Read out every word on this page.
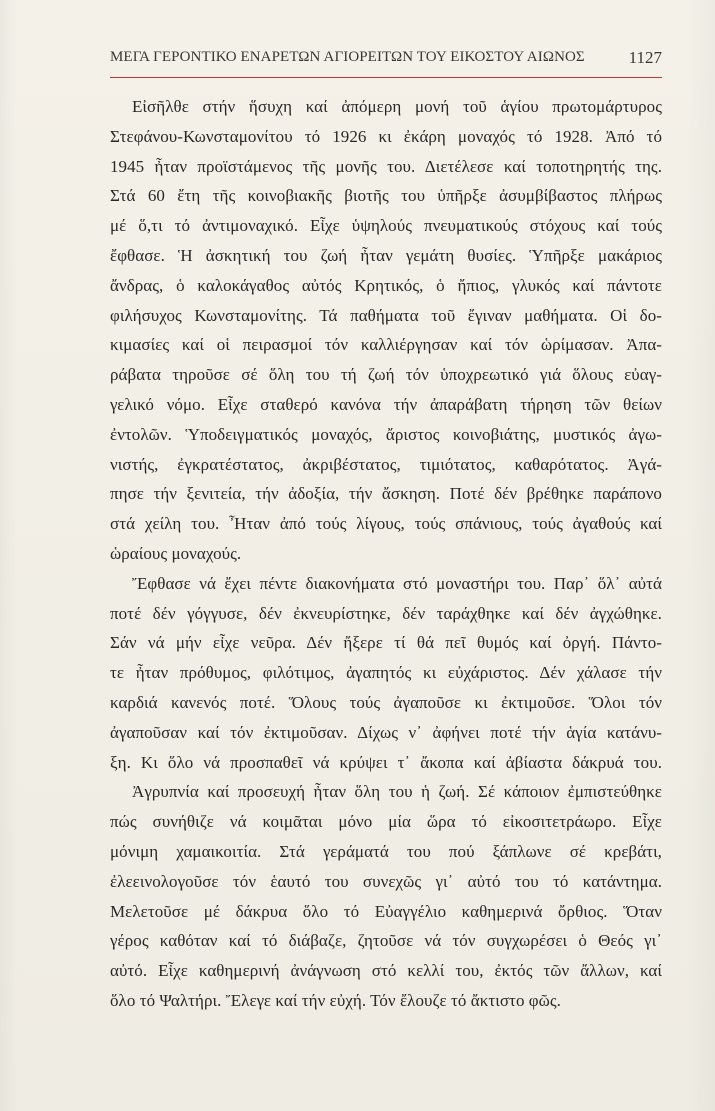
ΜΕΓΑ ΓΕΡΟΝΤΙΚΟ ΕΝΑΡΕΤΩΝ ΑΓΙΟΡΕΙΤΩΝ ΤΟΥ ΕΙΚΟΣΤΟΥ ΑΙΩΝΟΣ	1127
Εἰσῆλθε στήν ἥσυχη καί ἀπόμερη μονή τοῦ ἁγίου πρωτομάρτυρος
Στεφάνου-Κωνσταμονίτου τό 1926 κι ἐκάρη μοναχός τό 1928. Ἀπό τό
1945 ἦταν προϊστάμενος τῆς μονῆς του. Διετέλεσε καί τοποτηρητής της.
Στά 60 ἔτη τῆς κοινοβιακῆς βιοτῆς του ὑπῆρξε ἀσυμβίβαστος πλήρως
μέ ὅ,τι τό ἀντιμοναχικό. Εἶχε ὑψηλούς πνευματικούς στόχους καί τούς
ἔφθασε. Ἡ ἀσκητική του ζωή ἦταν γεμάτη θυσίες. Ὑπῆρξε μακάριος
ἄνδρας, ὁ καλοκάγαθος αὐτός Κρητικός, ὁ ἤπιος, γλυκός καί πάντοτε
φιλήσυχος Κωνσταμονίτης. Τά παθήματα τοῦ ἔγιναν μαθήματα. Οἱ δο-
κιμασίες καί οἱ πειρασμοί τόν καλλιέργησαν καί τόν ὡρίμασαν. Ἀπα-
ράβατα τηροῦσε σέ ὅλη του τή ζωή τόν ὑποχρεωτικό γιά ὅλους εὐαγ-
γελικό νόμο. Εἶχε σταθερό κανόνα τήν ἀπαράβατη τήρηση τῶν θείων
ἐντολῶν. Ὑποδειγματικός μοναχός, ἄριστος κοινοβιάτης, μυστικός ἀγω-
νιστής, ἐγκρατέστατος, ἀκριβέστατος, τιμιότατος, καθαρότατος. Ἀγά-
πησε τήν ξενιτεία, τήν ἀδοξία, τήν ἄσκηση. Ποτέ δέν βρέθηκε παράπονο
στά χείλη του. Ἦταν ἀπό τούς λίγους, τούς σπάνιους, τούς ἀγαθούς καί
ὡραίους μοναχούς.
Ἔφθασε νά ἔχει πέντε διακονήματα στό μοναστήρι του. Παρ᾽ ὅλ᾽ αὐτά
ποτέ δέν γόγγυσε, δέν ἐκνευρίστηκε, δέν ταράχθηκε καί δέν ἀγχώθηκε.
Σάν νά μήν εἶχε νεῦρα. Δέν ἤξερε τί θά πεῖ θυμός καί ὀργή. Πάντο-
τε ἦταν πρόθυμος, φιλότιμος, ἀγαπητός κι εὐχάριστος. Δέν χάλασε τήν
καρδιά κανενός ποτέ. Ὅλους τούς ἀγαποῦσε κι ἐκτιμοῦσε. Ὅλοι τόν
ἀγαποῦσαν καί τόν ἐκτιμοῦσαν. Δίχως ν᾽ ἀφήνει ποτέ τήν ἁγία κατάνυ-
ξη. Κι ὅλο νά προσπαθεῖ νά κρύψει τ᾽ ἄκοπα καί ἀβίαστα δάκρυά του.
Ἀγρυπνία καί προσευχή ἦταν ὅλη του ἡ ζωή. Σέ κάποιον ἐμπιστεύθηκε
πώς συνήθιζε νά κοιμᾶται μόνο μία ὥρα τό εἰκοσιτετράωρο. Εἶχε
μόνιμη χαμαικοιτία. Στά γεράματά του πού ξάπλωνε σέ κρεβάτι,
ἐλεεινολογοῦσε τόν ἑαυτό του συνεχῶς γι᾽ αὐτό του τό κατάντημα.
Μελετοῦσε μέ δάκρυα ὅλο τό Εὐαγγέλιο καθημερινά ὄρθιος. Ὅταν
γέρος καθόταν καί τό διάβαζε, ζητοῦσε νά τόν συγχωρέσει ὁ Θεός γι᾽
αὐτό. Εἶχε καθημερινή ἀνάγνωση στό κελλί του, ἐκτός τῶν ἄλλων, καί
ὅλο τό Ψαλτήρι. Ἔλεγε καί τήν εὐχή. Τόν ἔλουζε τό ἄκτιστο φῶς.
